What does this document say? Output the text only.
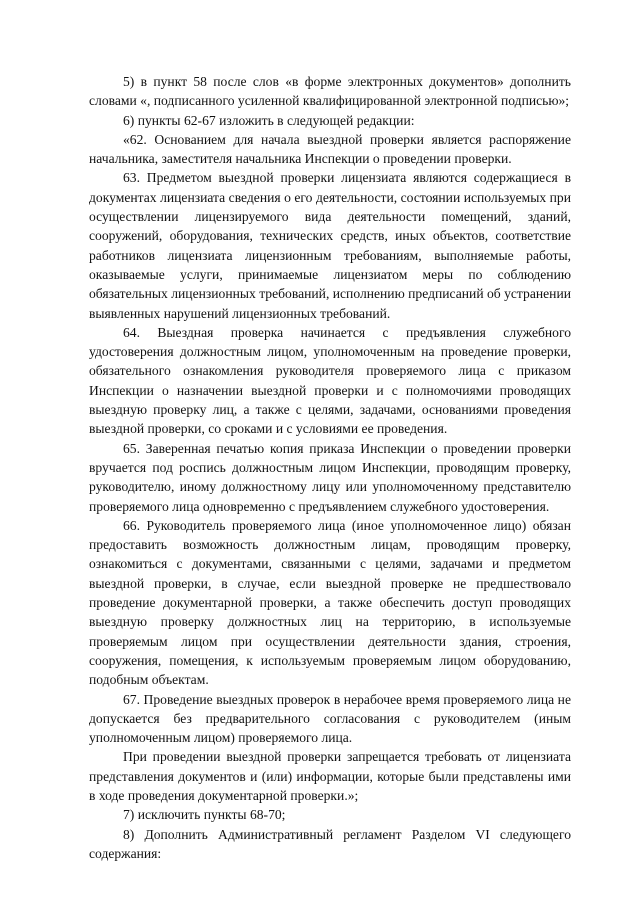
5) в пункт 58 после слов «в форме электронных документов» дополнить словами «, подписанного усиленной квалифицированной электронной подписью»;

6) пункты 62-67 изложить в следующей редакции:

«62. Основанием для начала выездной проверки является распоряжение начальника, заместителя начальника Инспекции о проведении проверки.

63. Предметом выездной проверки лицензиата являются содержащиеся в документах лицензиата сведения о его деятельности, состоянии используемых при осуществлении лицензируемого вида деятельности помещений, зданий, сооружений, оборудования, технических средств, иных объектов, соответствие работников лицензиата лицензионным требованиям, выполняемые работы, оказываемые услуги, принимаемые лицензиатом меры по соблюдению обязательных лицензионных требований, исполнению предписаний об устранении выявленных нарушений лицензионных требований.

64. Выездная проверка начинается с предъявления служебного удостоверения должностным лицом, уполномоченным на проведение проверки, обязательного ознакомления руководителя проверяемого лица с приказом Инспекции о назначении выездной проверки и с полномочиями проводящих выездную проверку лиц, а также с целями, задачами, основаниями проведения выездной проверки, со сроками и с условиями ее проведения.

65. Заверенная печатью копия приказа Инспекции о проведении проверки вручается под роспись должностным лицом Инспекции, проводящим проверку, руководителю, иному должностному лицу или уполномоченному представителю проверяемого лица одновременно с предъявлением служебного удостоверения.

66. Руководитель проверяемого лица (иное уполномоченное лицо) обязан предоставить возможность должностным лицам, проводящим проверку, ознакомиться с документами, связанными с целями, задачами и предметом выездной проверки, в случае, если выездной проверке не предшествовало проведение документарной проверки, а также обеспечить доступ проводящих выездную проверку должностных лиц на территорию, в используемые проверяемым лицом при осуществлении деятельности здания, строения, сооружения, помещения, к используемым проверяемым лицом оборудованию, подобным объектам.

67. Проведение выездных проверок в нерабочее время проверяемого лица не допускается без предварительного согласования с руководителем (иным уполномоченным лицом) проверяемого лица.

При проведении выездной проверки запрещается требовать от лицензиата представления документов и (или) информации, которые были представлены ими в ходе проведения документарной проверки.»;

7) исключить пункты 68-70;

8) Дополнить Административный регламент Разделом VI следующего содержания:
